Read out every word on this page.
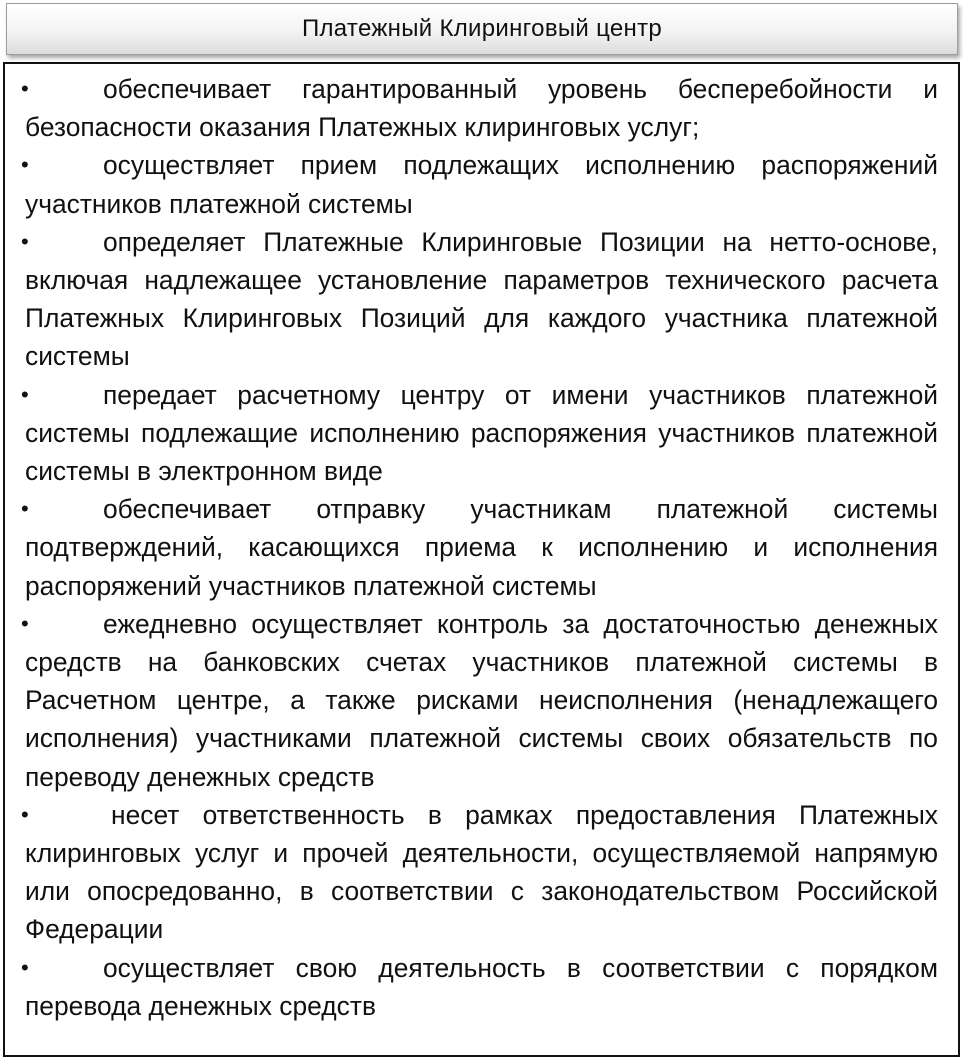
Платежный Клиринговый центр

•	обеспечивает гарантированный уровень бесперебойности и безопасности оказания Платежных клиринговых услуг;

•	осуществляет прием подлежащих исполнению распоряжений участников платежной системы

•	определяет Платежные Клиринговые Позиции на нетто-основе, включая надлежащее установление параметров технического расчета Платежных Клиринговых Позиций для каждого участника платежной системы

•	передает расчетному центру от имени участников платежной системы подлежащие исполнению распоряжения участников платежной системы в электронном виде

•	обеспечивает отправку участникам платежной системы подтверждений, касающихся приема к исполнению и исполнения распоряжений участников платежной системы

•	ежедневно осуществляет контроль за достаточностью денежных средств на банковских счетах участников платежной системы в Расчетном центре, а также рисками неисполнения (ненадлежащего исполнения) участниками платежной системы своих обязательств по переводу денежных средств

•	несет ответственность в рамках предоставления Платежных клиринговых услуг и прочей деятельности, осуществляемой напрямую или опосредованно, в соответствии с законодательством Российской Федерации

•	осуществляет свою деятельность в соответствии с порядком перевода денежных средств
